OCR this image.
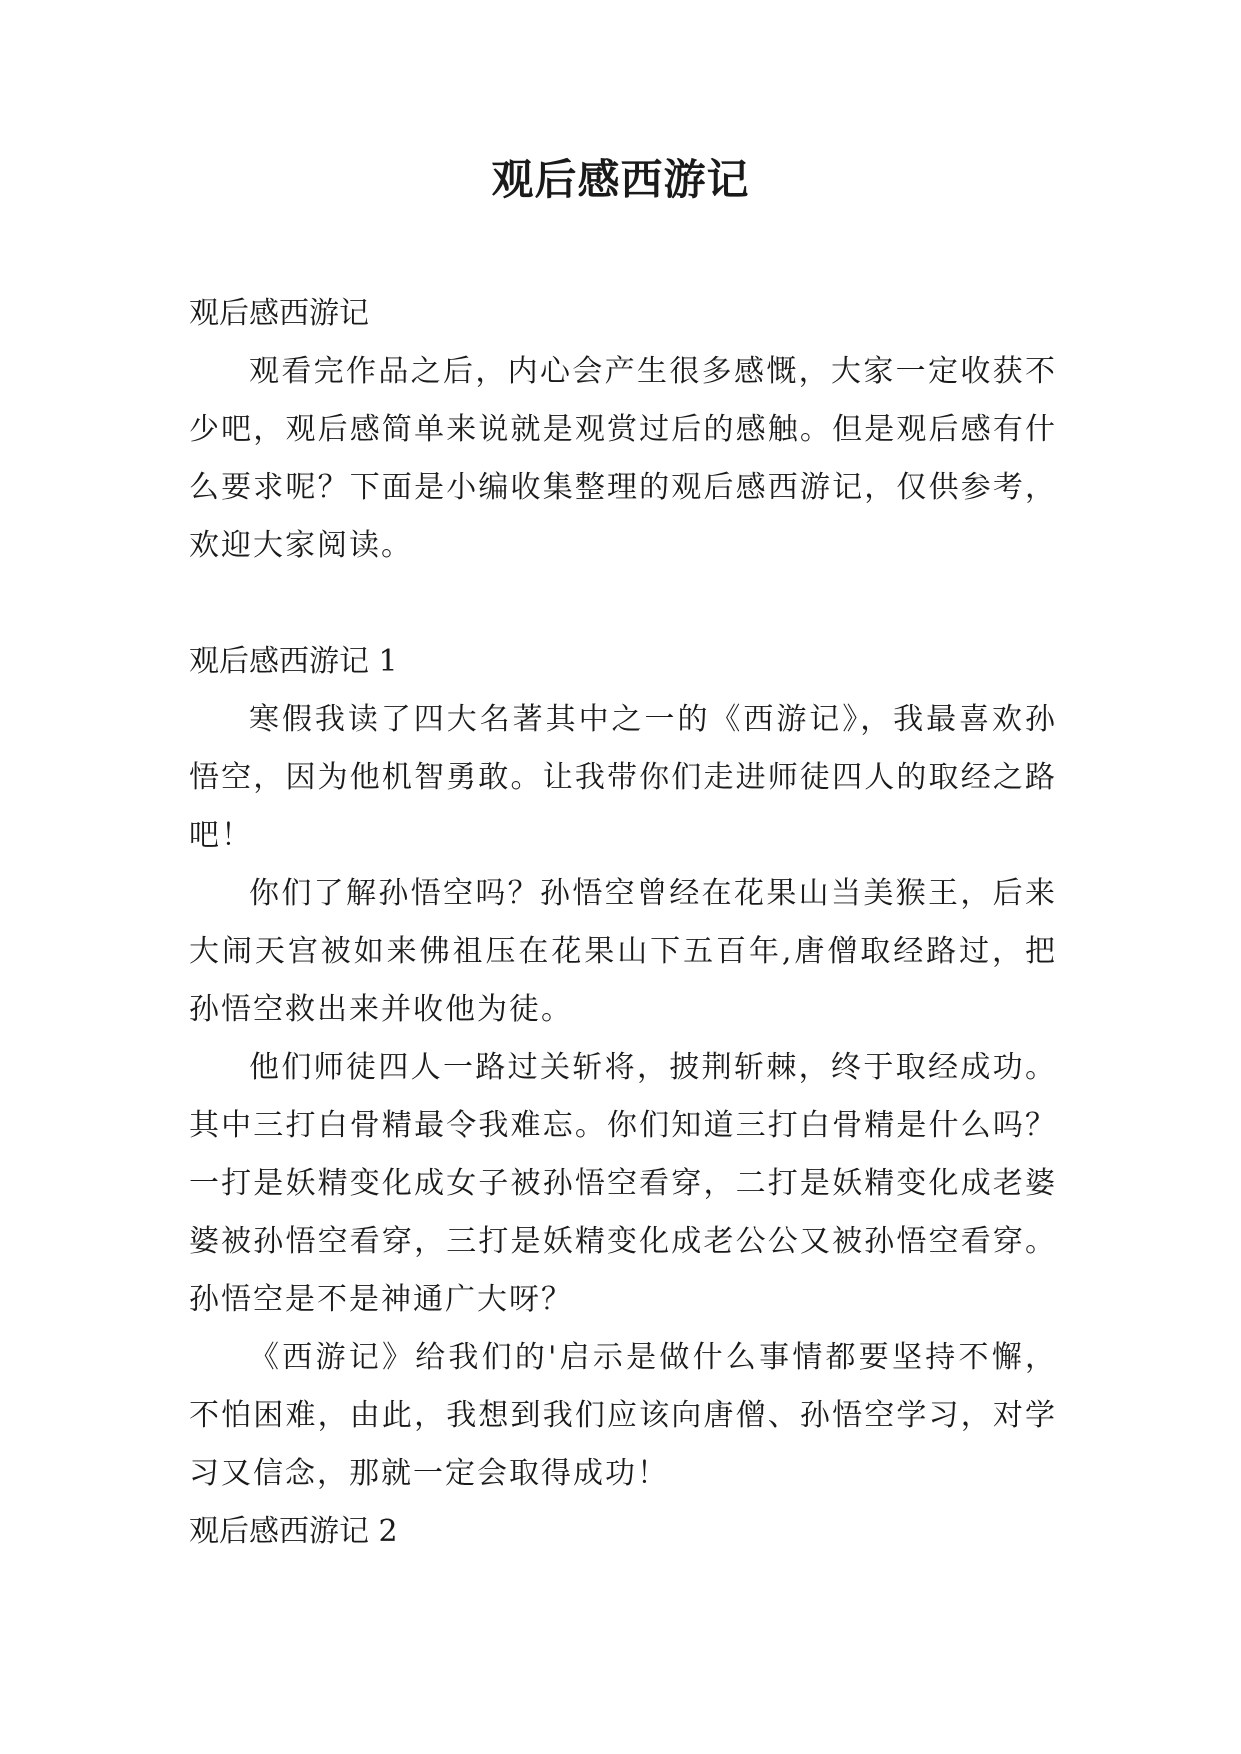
观后感西游记
观后感西游记

观看完作品之后，内心会产生很多感慨，大家一定收获不少吧，观后感简单来说就是观赏过后的感触。但是观后感有什么要求呢？下面是小编收集整理的观后感西游记，仅供参考，欢迎大家阅读。

观后感西游记 1

寒假我读了四大名著其中之一的《西游记》，我最喜欢孙悟空，因为他机智勇敢。让我带你们走进师徒四人的取经之路吧！

你们了解孙悟空吗？孙悟空曾经在花果山当美猴王，后来大闹天宫被如来佛祖压在花果山下五百年,唐僧取经路过，把孙悟空救出来并收他为徒。

他们师徒四人一路过关斩将，披荆斩棘，终于取经成功。其中三打白骨精最令我难忘。你们知道三打白骨精是什么吗？一打是妖精变化成女子被孙悟空看穿，二打是妖精变化成老婆婆被孙悟空看穿，三打是妖精变化成老公公又被孙悟空看穿。孙悟空是不是神通广大呀？

《西游记》给我们的'启示是做什么事情都要坚持不懈，不怕困难，由此，我想到我们应该向唐僧、孙悟空学习，对学习又信念，那就一定会取得成功！

观后感西游记 2
